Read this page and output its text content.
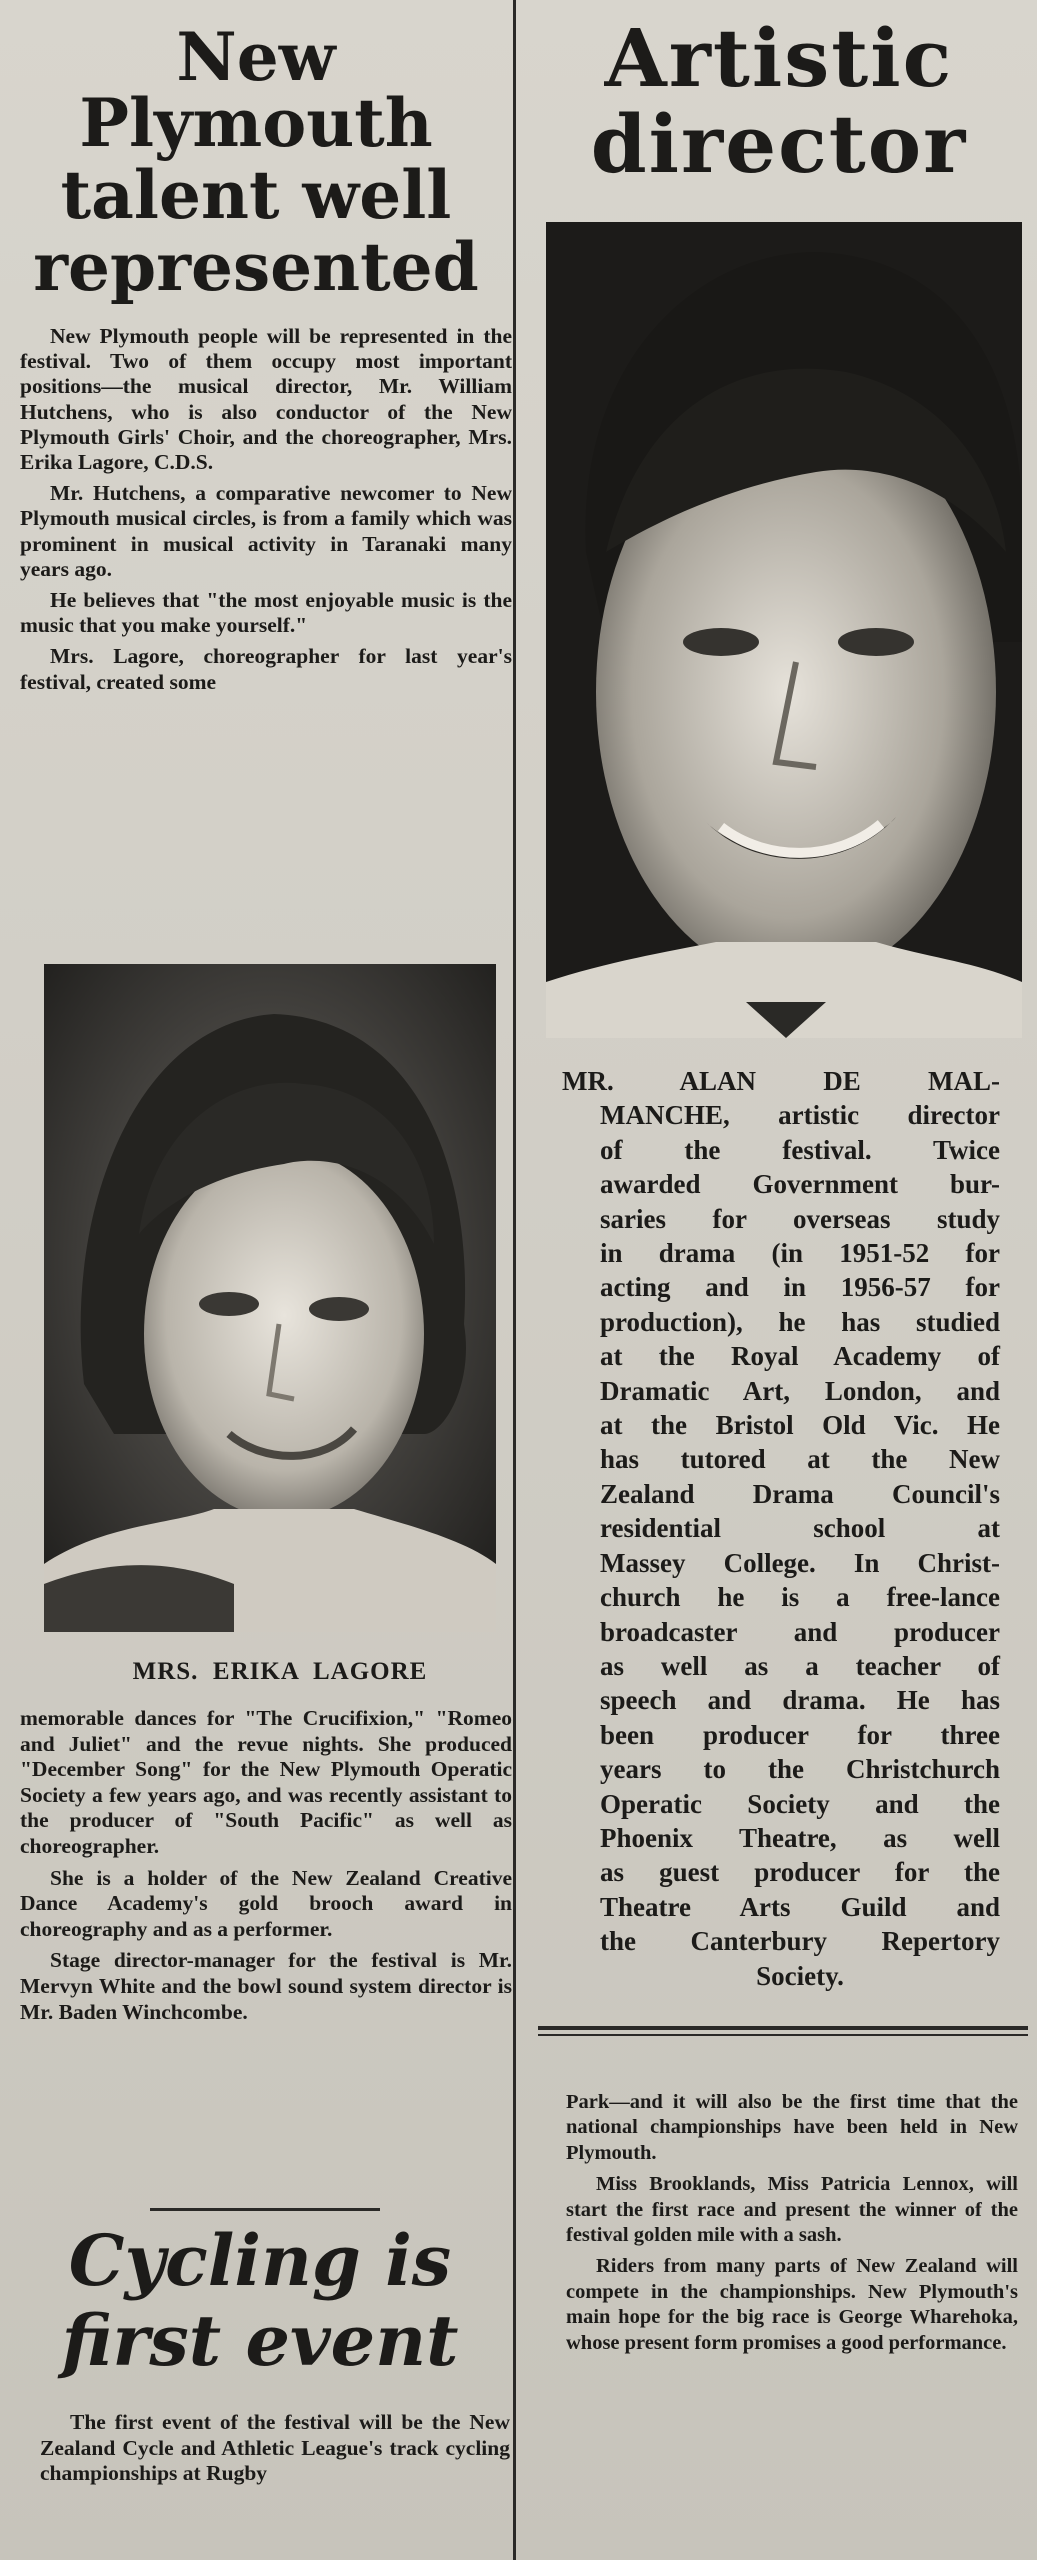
New Plymouth
talent well
represented

New Plymouth people will be represented in the festival. Two of them occupy most important positions—the musical director, Mr. William Hutchens, who is also conductor of the New Plymouth Girls' Choir, and the choreographer, Mrs. Erika Lagore, C.D.S.

Mr. Hutchens, a comparative newcomer to New Plymouth musical circles, is from a family which was prominent in musical activity in Taranaki many years ago.

He believes that "the most enjoyable music is the music that you make yourself."

Mrs. Lagore, choreographer for last year's festival, created some

MRS.  ERIKA  LAGORE

memorable dances for "The Crucifixion," "Romeo and Juliet" and the revue nights. She produced "December Song" for the New Plymouth Operatic Society a few years ago, and was recently assistant to the producer of "South Pacific" as well as choreographer.

She is a holder of the New Zealand Creative Dance Academy's gold brooch award in choreography and as a performer.

Stage director-manager for the festival is Mr. Mervyn White and the bowl sound system director is Mr. Baden Winchcombe.

Cycling is
first event

The first event of the festival will be the New Zealand Cycle and Athletic League's track cycling championships at Rugby

Artistic
director
MR. ALAN DE MAL-
MANCHE, artistic director
of the festival. Twice
awarded Government bur-
saries for overseas study
in drama (in 1951-52 for
acting and in 1956-57 for
production), he has studied
at the Royal Academy of
Dramatic Art, London, and
at the Bristol Old Vic. He
has tutored at the New
Zealand Drama Council's
residential school at
Massey College. In Christ-
church he is a free-lance
broadcaster and producer
as well as a teacher of
speech and drama. He has
been producer for three
years to the Christchurch
Operatic Society and the
Phoenix Theatre, as well
as guest producer for the
Theatre Arts Guild and
the Canterbury Repertory
Society.

Park—and it will also be the first time that the national championships have been held in New Plymouth.

Miss Brooklands, Miss Patricia Lennox, will start the first race and present the winner of the festival golden mile with a sash.

Riders from many parts of New Zealand will compete in the championships. New Plymouth's main hope for the big race is George Wharehoka, whose present form promises a good performance.
